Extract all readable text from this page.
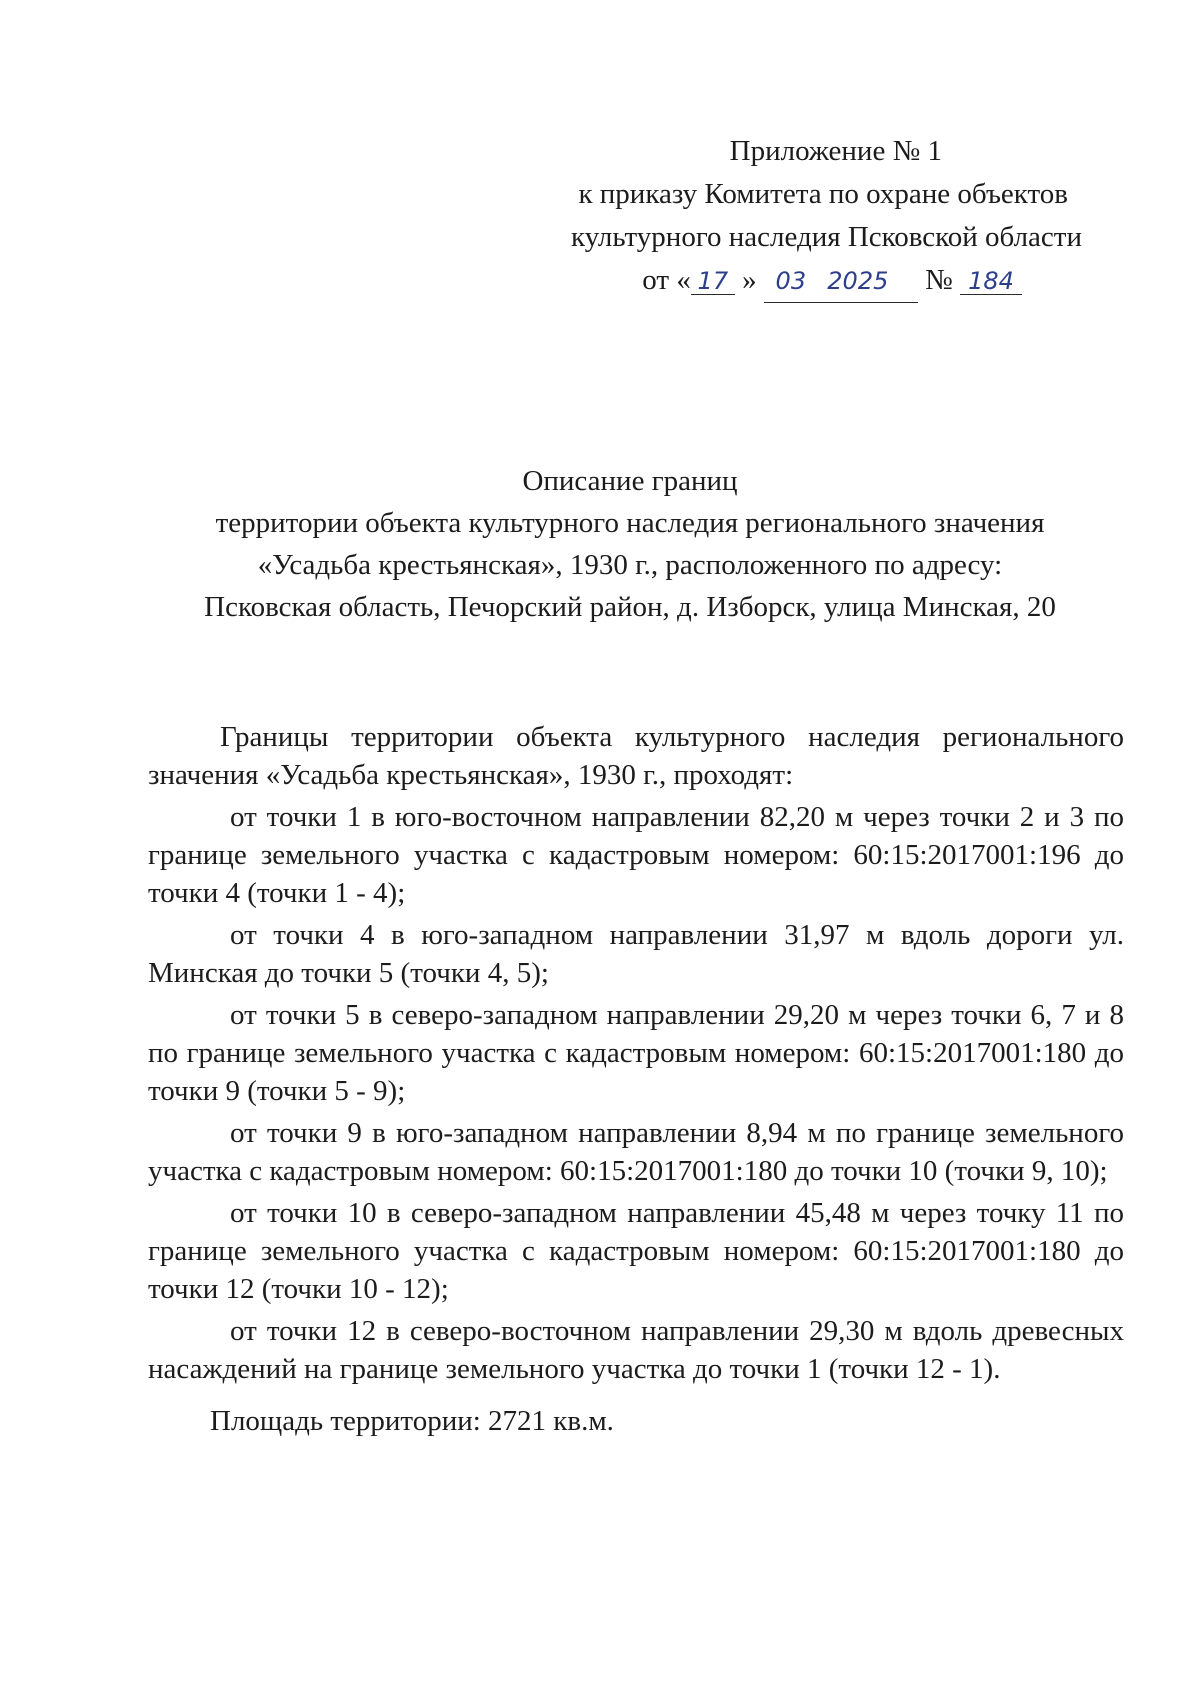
Приложение № 1
к приказу Комитета по охране объектов
культурного наследия Псковской области
от « 17 » 03 2025 № 184
Описание границ
территории объекта культурного наследия регионального значения
«Усадьба крестьянская», 1930 г., расположенного по адресу:
Псковская область, Печорский район, д. Изборск, улица Минская, 20

Границы территории объекта культурного наследия регионального значения «Усадьба крестьянская», 1930 г., проходят:

от точки 1 в юго-восточном направлении 82,20 м через точки 2 и 3 по границе земельного участка с кадастровым номером: 60:15:2017001:196 до точки 4 (точки 1 - 4);

от точки 4 в юго-западном направлении 31,97 м вдоль дороги ул. Минская до точки 5 (точки 4, 5);

от точки 5 в северо-западном направлении 29,20 м через точки 6, 7 и 8 по границе земельного участка с кадастровым номером: 60:15:2017001:180 до точки 9 (точки 5 - 9);

от точки 9 в юго-западном направлении 8,94 м по границе земельного участка с кадастровым номером: 60:15:2017001:180 до точки 10 (точки 9, 10);

от точки 10 в северо-западном направлении 45,48 м через точку 11 по границе земельного участка с кадастровым номером: 60:15:2017001:180 до точки 12 (точки 10 - 12);

от точки 12 в северо-восточном направлении 29,30 м вдоль древесных насаждений на границе земельного участка до точки 1 (точки 12 - 1).

Площадь территории: 2721 кв.м.
